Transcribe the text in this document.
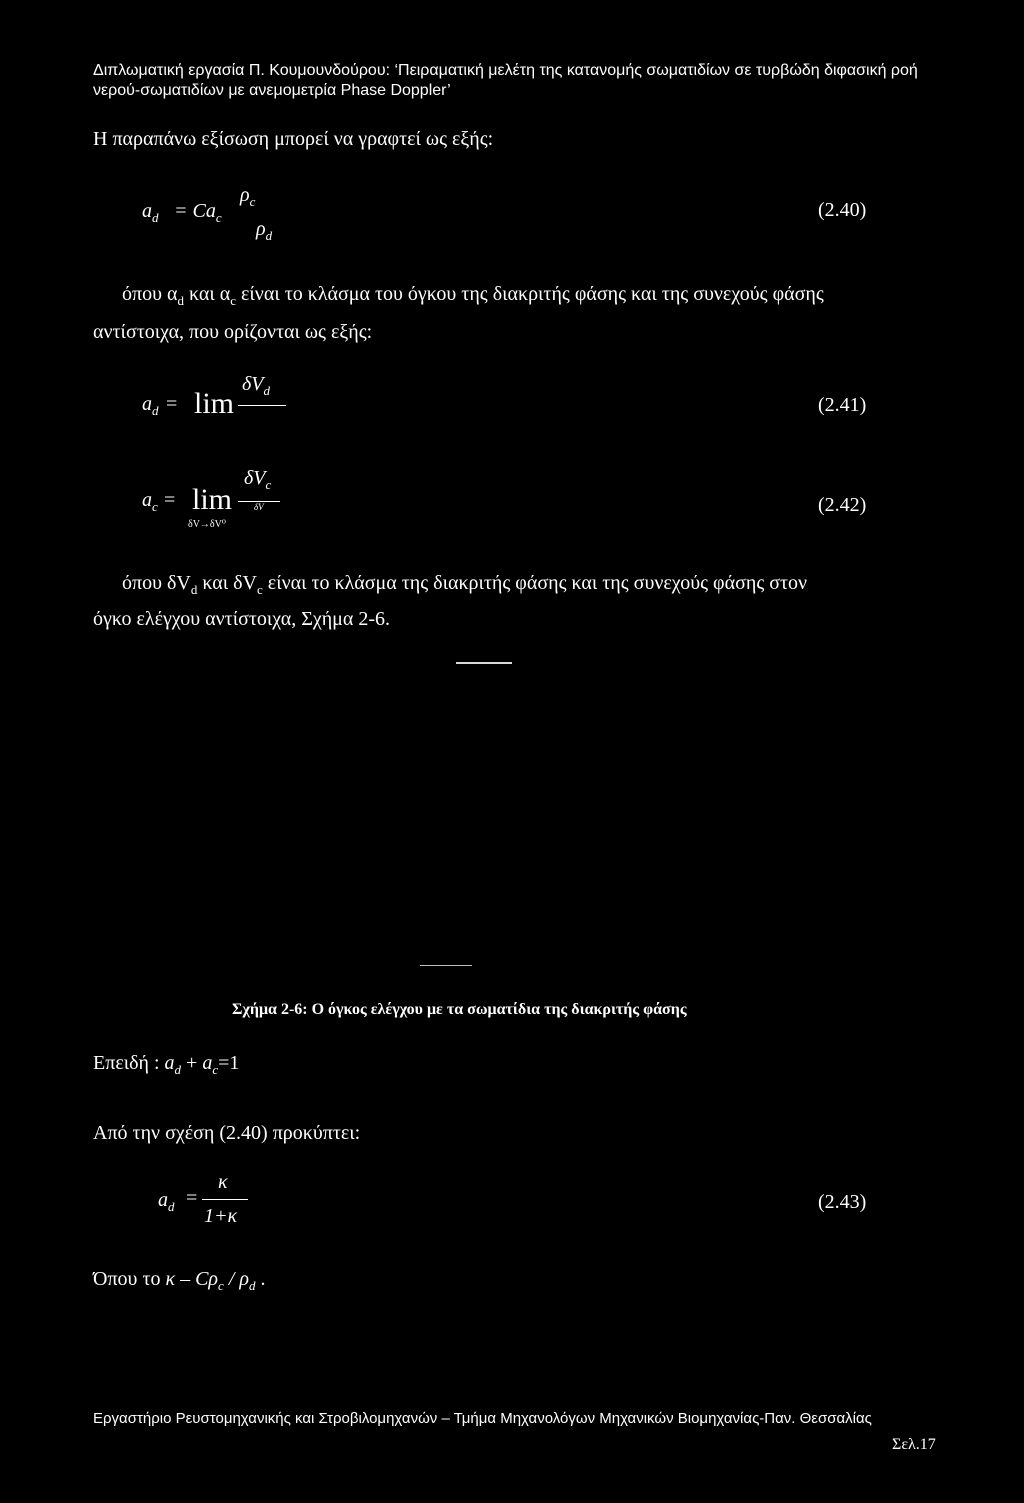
Διπλωματική εργασία Π. Κουμουνδούρου: ‘Πειραματική μελέτη της κατανομής σωματιδίων σε τυρβώδη διφασική ροή
νερού-σωματιδίων με ανεμομετρία Phase Doppler’
Η παραπάνω εξίσωση μπορεί να γραφτεί ως εξής:
$a_d = Ca_c$
$\rho_c$
$\rho_d$
(2.40)
όπου $\alpha_d$ και $\alpha_c$ είναι το κλάσμα του όγκου της διακριτής φάσης και της συνεχούς φάσης
αντίστοιχα, που ορίζονται ως εξής:
$a_d = \lim$
$\delta V_d$
(2.41)
$a_c = \lim$
δV→δV⁰
$\delta V_c$
δV	(2.42)
όπου $\delta V_d$ και $\delta V_c$ είναι το κλάσμα της διακριτής φάσης και της συνεχούς φάσης στον
όγκο ελέγχου αντίστοιχα, Σχήμα 2-6.
Σχήμα 2-6: Ο όγκος ελέγχου με τα σωματίδια της διακριτής φάσης
Επειδή : $a_d + a_c=1$
Από την σχέση (2.40) προκύπτει:
$a_d$ =
κ
1+κ
(2.43)
Όπου το κ – $C\rho_c / \rho_d$ .
Εργαστήριο Ρευστομηχανικής και Στροβιλομηχανών – Τμήμα Μηχανολόγων Μηχανικών Βιομηχανίας-Παν. Θεσσαλίας
Σελ.17
